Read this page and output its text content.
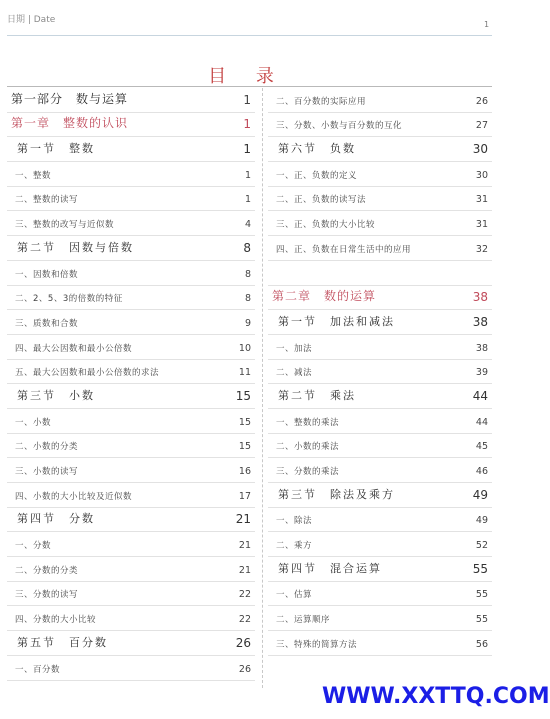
日期 | Date	1
目 录
第一部分　数与运算	1
第一章　整数的认识	1
第一节　整数	1
一、整数	1
二、整数的读写	1
三、整数的改写与近似数	4
第二节　因数与倍数	8
一、因数和倍数	8
二、2、5、3的倍数的特征	8
三、质数和合数	9
四、最大公因数和最小公倍数	10
五、最大公因数和最小公倍数的求法	11
第三节　小数	15
一、小数	15
二、小数的分类	15
三、小数的读写	16
四、小数的大小比较及近似数	17
第四节　分数	21
一、分数	21
二、分数的分类	21
三、分数的读写	22
四、分数的大小比较	22
第五节　百分数	26
一、百分数	26
二、百分数的实际应用	26
三、分数、小数与百分数的互化	27
第六节　负数	30
一、正、负数的定义	30
二、正、负数的读写法	31
三、正、负数的大小比较	31
四、正、负数在日常生活中的应用	32
第二章　数的运算	38
第一节　加法和减法	38
一、加法	38
二、减法	39
第二节　乘法	44
一、整数的乘法	44
二、小数的乘法	45
三、分数的乘法	46
第三节　除法及乘方	49
一、除法	49
二、乘方	52
第四节　混合运算	55
一、估算	55
二、运算顺序	55
三、特殊的简算方法	56
WWW.XXTTQ.COM
